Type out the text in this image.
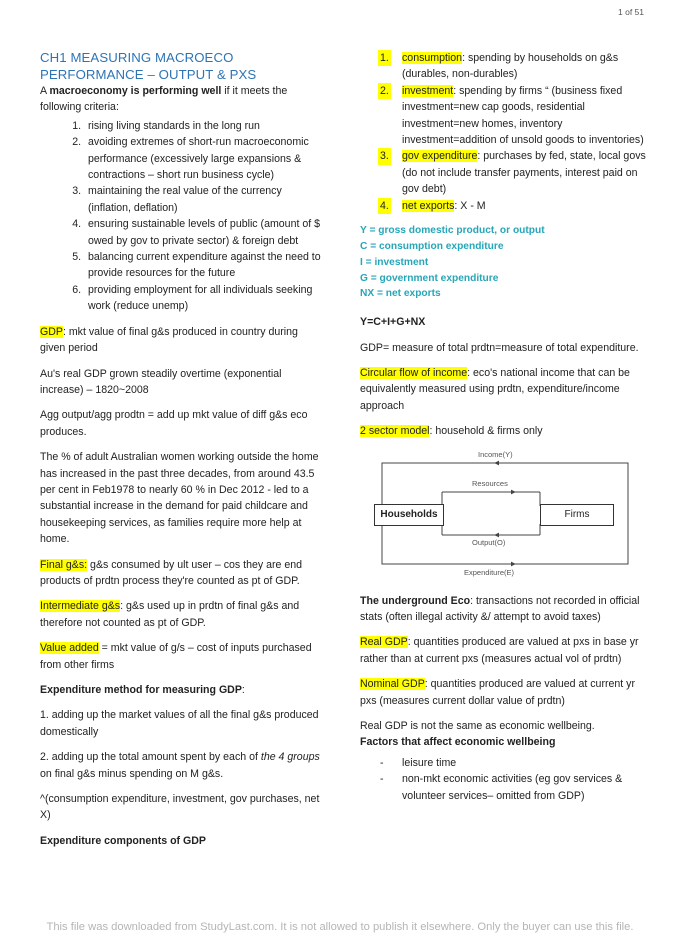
1 of 51
CH1 MEASURING MACROECO
PERFORMANCE – OUTPUT & PXS

A macroeconomy is performing well if it meets the following criteria:

1. rising living standards in the long run
2. avoiding extremes of short-run macroeconomic performance (excessively large expansions & contractions – short run business cycle)
3. maintaining the real value of the currency (inflation, deflation)
4. ensuring sustainable levels of public (amount of $ owed by gov to private sector) & foreign debt
5. balancing current expenditure against the need to provide resources for the future
6. providing employment for all individuals seeking work (reduce unemp)

GDP: mkt value of final g&s produced in country during given period

Au's real GDP grown steadily overtime (exponential increase) – 1820~2008

Agg output/agg prodtn = add up mkt value of diff g&s eco produces.

The % of adult Australian women working outside the home has increased in the past three decades, from around 43.5 per cent in Feb1978 to nearly 60 % in Dec 2012 - led to a substantial increase in the demand for paid childcare and housekeeping services, as families require more help at home.

Final g&s: g&s consumed by ult user – cos they are end products of prdtn process they're counted as pt of GDP.

Intermediate g&s: g&s used up in prdtn of final g&s and therefore not counted as pt of GDP.

Value added = mkt value of g/s – cost of inputs purchased from other firms

Expenditure method for measuring GDP:

1. adding up the market values of all the final g&s produced domestically

2. adding up the total amount spent by each of the 4 groups on final g&s minus spending on M g&s.

^(consumption expenditure, investment, gov purchases, net X)

Expenditure components of GDP

1. consumption: spending by households on g&s (durables, non-durables)
2. investment: spending by firms “ (business fixed investment=new cap goods, residential investment=new homes, inventory investment=addition of unsold goods to inventories)
3. gov expenditure: purchases by fed, state, local govs (do not include transfer payments, interest paid on gov debt)
4. net exports: X - M
Y = gross domestic product, or output
C = consumption expenditure
I = investment
G = government expenditure
NX = net exports

Y=C+I+G+NX

GDP= measure of total prdtn=measure of total expenditure.

Circular flow of income: eco's national income that can be equivalently measured using prdtn, expenditure/income approach

2 sector model: household & firms only

Income(Y)
Resources
Households	Firms
Output(O)
Expenditure(E)

The underground Eco: transactions not recorded in official stats (often illegal activity &/ attempt to avoid taxes)

Real GDP: quantities produced are valued at pxs in base yr rather than at current pxs (measures actual vol of prdtn)

Nominal GDP: quantities produced are valued at current yr pxs (measures current dollar value of prdtn)

Real GDP is not the same as economic wellbeing.

Factors that affect economic wellbeing

- leisure time
- non-mkt economic activities (eg gov services & volunteer services– omitted from GDP)
This file was downloaded from StudyLast.com. It is not allowed to publish it elsewhere. Only the buyer can use this file.
